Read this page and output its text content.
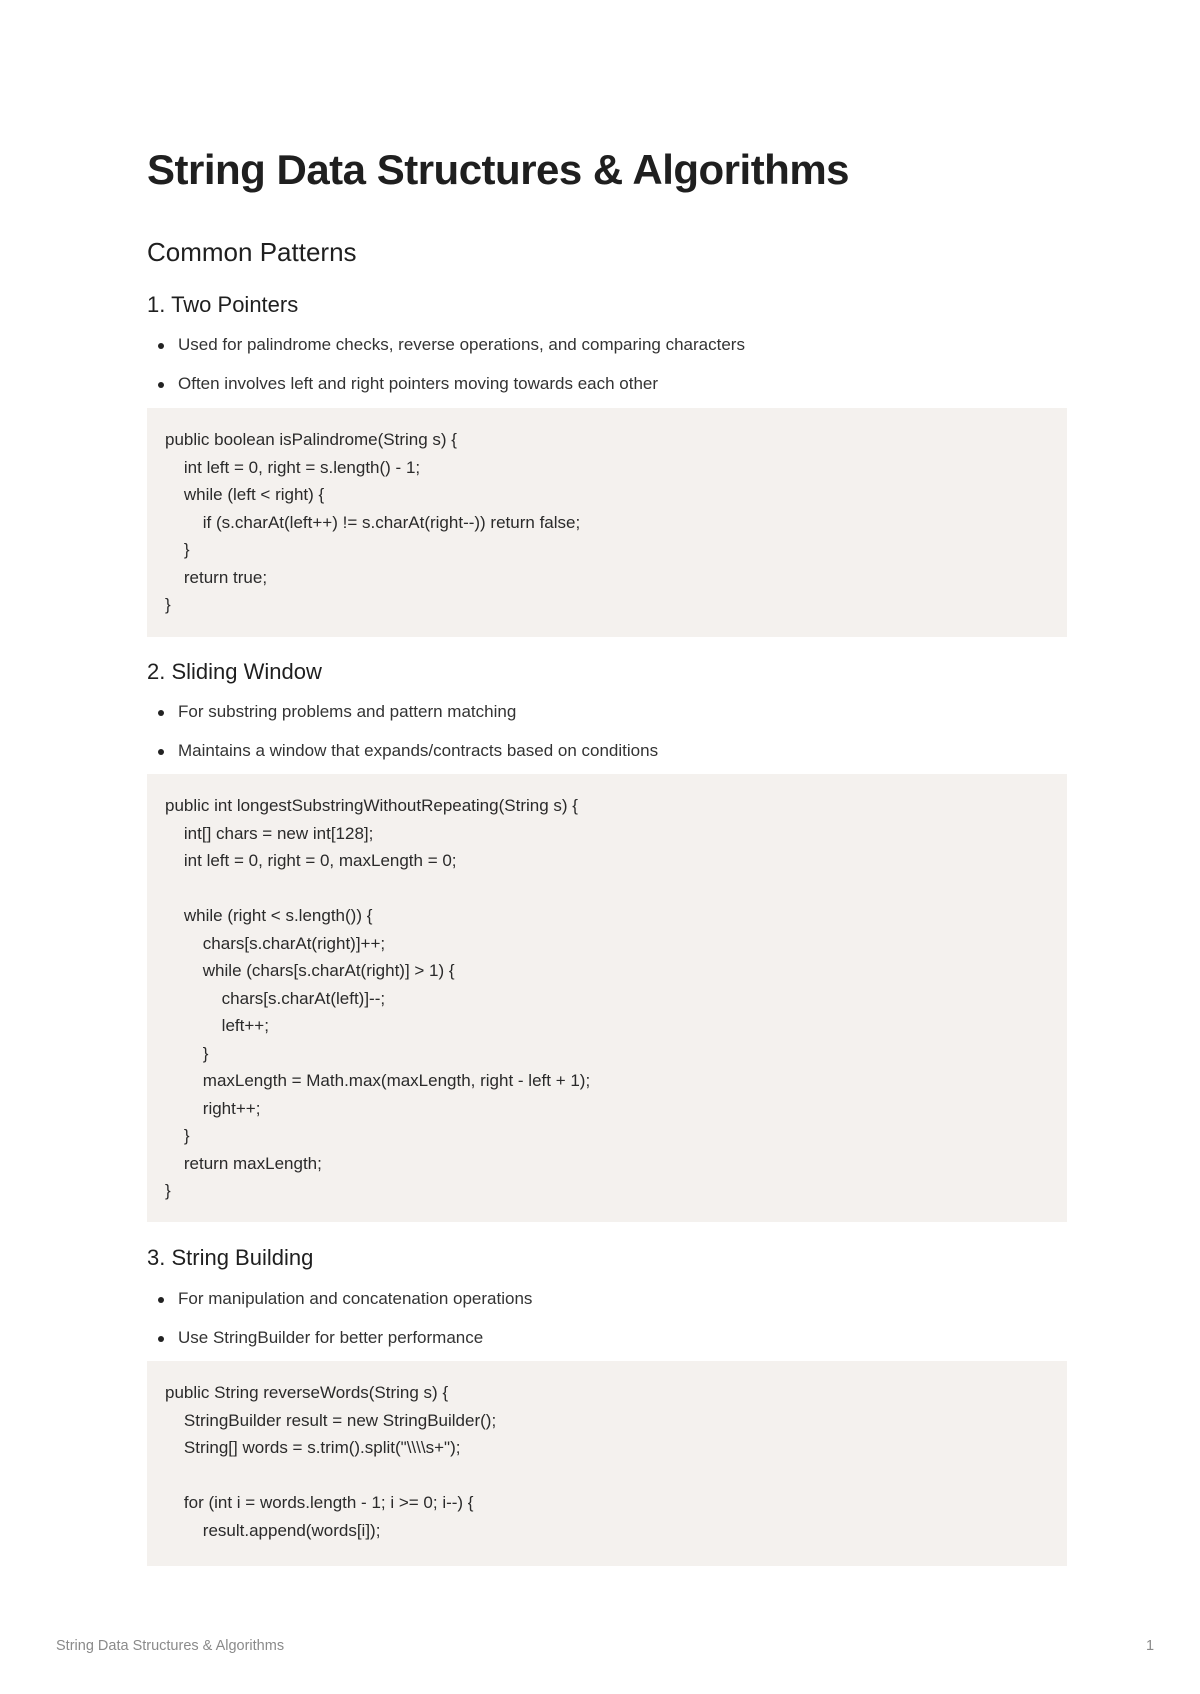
String Data Structures & Algorithms
Common Patterns
1. Two Pointers
Used for palindrome checks, reverse operations, and comparing characters
Often involves left and right pointers moving towards each other
public boolean isPalindrome(String s) {
int left = 0, right = s.length() - 1;
while (left < right) {
if (s.charAt(left++) != s.charAt(right--)) return false;
}
return true;
}
2. Sliding Window
For substring problems and pattern matching
Maintains a window that expands/contracts based on conditions
public int longestSubstringWithoutRepeating(String s) {
int[] chars = new int[128];
int left = 0, right = 0, maxLength = 0;
while (right < s.length()) {
chars[s.charAt(right)]++;
while (chars[s.charAt(right)] > 1) {
chars[s.charAt(left)]--;
left++;
}
maxLength = Math.max(maxLength, right - left + 1);
right++;
}
return maxLength;
}
3. String Building
For manipulation and concatenation operations
Use StringBuilder for better performance
public String reverseWords(String s) {
StringBuilder result = new StringBuilder();
String[] words = s.trim().split("\\\\s+");
for (int i = words.length - 1; i >= 0; i--) {
result.append(words[i]);
String Data Structures & Algorithms	1
